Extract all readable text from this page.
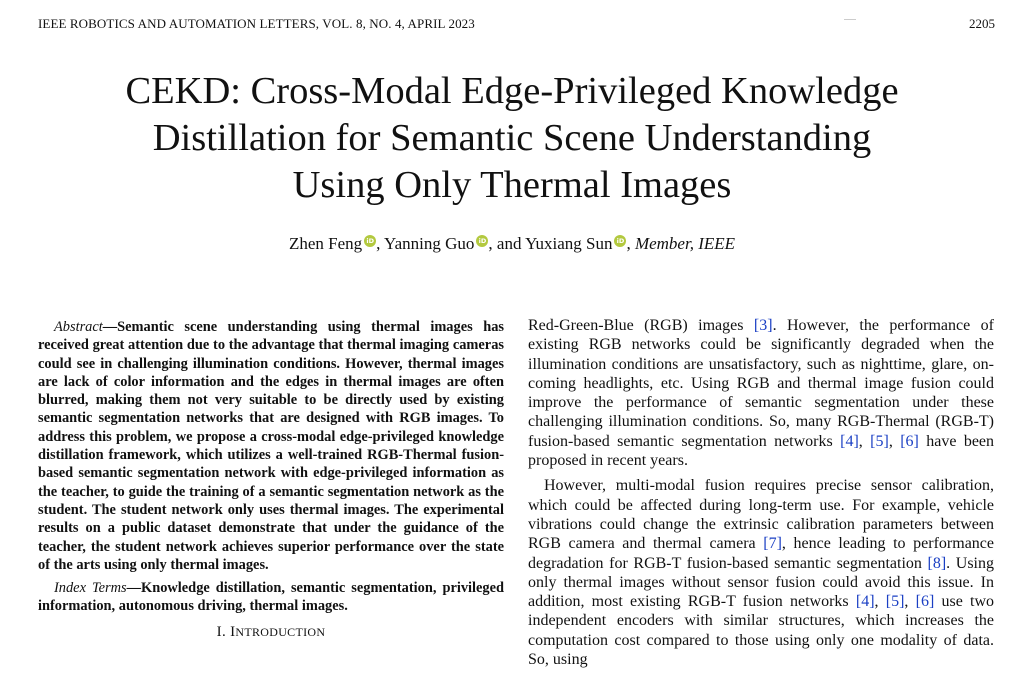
IEEE ROBOTICS AND AUTOMATION LETTERS, VOL. 8, NO. 4, APRIL 2023	2205
CEKD: Cross-Modal Edge-Privileged Knowledge
Distillation for Semantic Scene Understanding
Using Only Thermal Images
Zhen Feng iD , Yanning Guo iD , and Yuxiang Sun iD , Member, IEEE

Abstract—Semantic scene understanding using thermal images has received great attention due to the advantage that thermal imaging cameras could see in challenging illumination conditions. However, thermal images are lack of color information and the edges in thermal images are often blurred, making them not very suitable to be directly used by existing semantic segmentation networks that are designed with RGB images. To address this problem, we propose a cross-modal edge-privileged knowledge distillation framework, which utilizes a well-trained RGB-Thermal fusion-based semantic segmentation network with edge-privileged information as the teacher, to guide the training of a semantic segmentation network as the student. The student network only uses thermal images. The experimental results on a public dataset demonstrate that under the guidance of the teacher, the student network achieves superior performance over the state of the arts using only thermal images.

Index Terms—Knowledge distillation, semantic segmentation, privileged information, autonomous driving, thermal images.

I. INTRODUCTION

Red-Green-Blue (RGB) images [3]. However, the performance of existing RGB networks could be significantly degraded when the illumination conditions are unsatisfactory, such as nighttime, glare, on-coming headlights, etc. Using RGB and thermal image fusion could improve the performance of semantic segmentation under these challenging illumination conditions. So, many RGB-Thermal (RGB-T) fusion-based semantic segmentation networks [4], [5], [6] have been proposed in recent years.

However, multi-modal fusion requires precise sensor calibration, which could be affected during long-term use. For example, vehicle vibrations could change the extrinsic calibration parameters between RGB camera and thermal camera [7], hence leading to performance degradation for RGB-T fusion-based semantic segmentation [8]. Using only thermal images without sensor fusion could avoid this issue. In addition, most existing RGB-T fusion networks [4], [5], [6] use two independent encoders with similar structures, which increases the computation cost compared to those using only one modality of data. So, using
